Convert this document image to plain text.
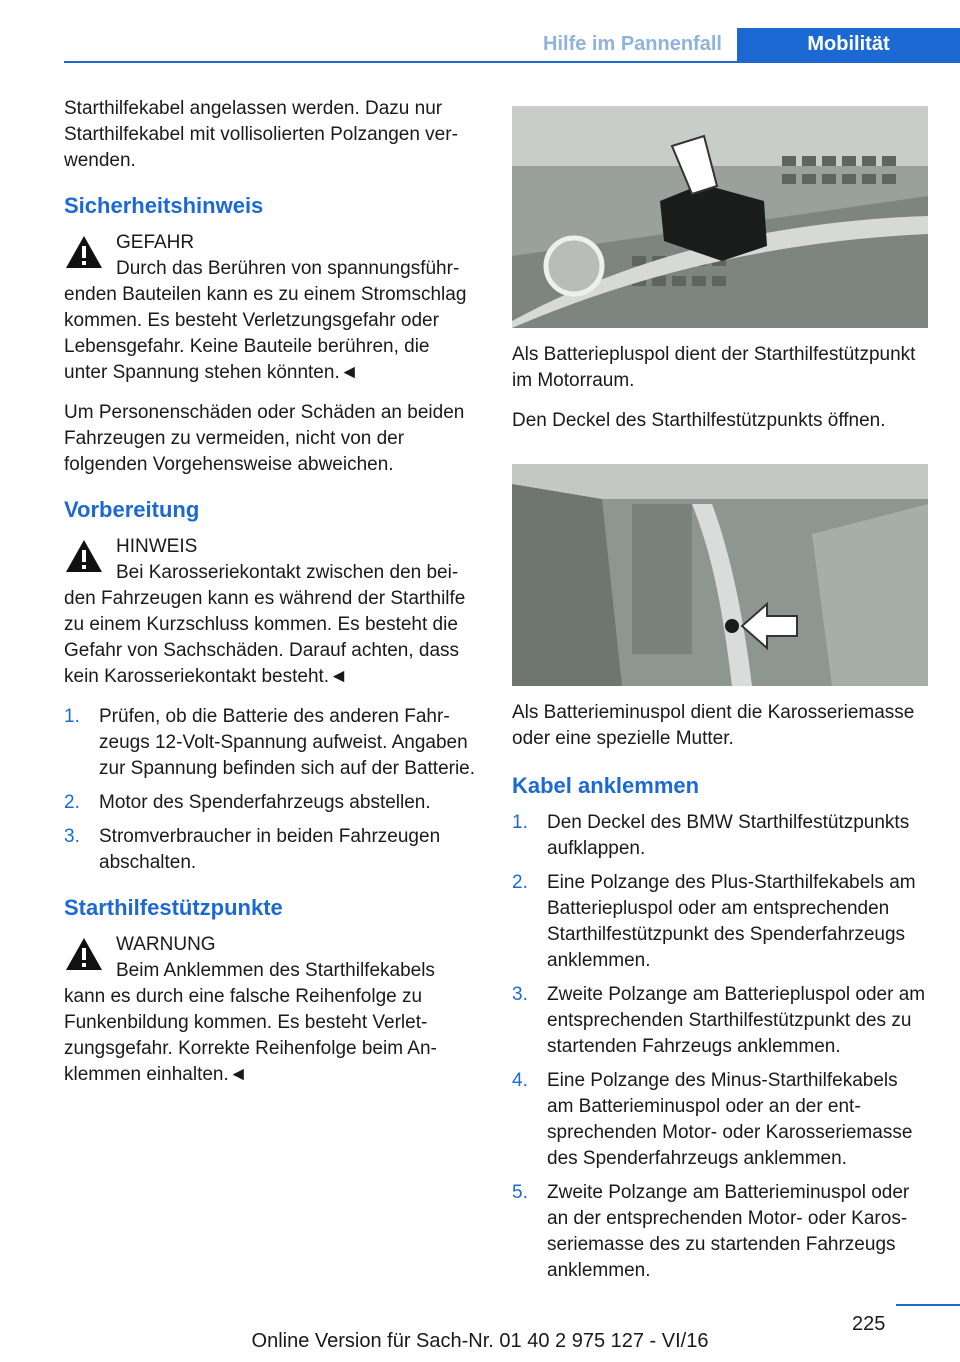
Hilfe im Pannenfall	Mobilität

Starthilfekabel angelassen werden. Dazu nur Starthilfekabel mit vollisolierten Polzangen verwenden.

Sicherheitshinweis
GEFAHR
Durch das Berühren von spannungsführenden Bauteilen kann es zu einem Stromschlag kommen. Es besteht Verletzungsgefahr oder Lebensgefahr. Keine Bauteile berühren, die unter Spannung stehen könnten.◄

Um Personenschäden oder Schäden an beiden Fahrzeugen zu vermeiden, nicht von der folgenden Vorgehensweise abweichen.

Vorbereitung
HINWEIS
Bei Karosseriekontakt zwischen den beiden Fahrzeugen kann es während der Starthilfe zu einem Kurzschluss kommen. Es besteht die Gefahr von Sachschäden. Darauf achten, dass kein Karosseriekontakt besteht.◄
1. Prüfen, ob die Batterie des anderen Fahrzeugs 12-Volt-Spannung aufweist. Angaben zur Spannung befinden sich auf der Batterie.
2. Motor des Spenderfahrzeugs abstellen.
3. Stromverbraucher in beiden Fahrzeugen abschalten.
Starthilfestützpunkte
WARNUNG
Beim Anklemmen des Starthilfekabels kann es durch eine falsche Reihenfolge zu Funkenbildung kommen. Es besteht Verletzungsgefahr. Korrekte Reihenfolge beim Anklemmen einhalten.◄

Als Batteriepluspol dient der Starthilfestützpunkt im Motorraum.

Den Deckel des Starthilfestützpunkts öffnen.

Als Batterieminuspol dient die Karosseriemasse oder eine spezielle Mutter.

Kabel anklemmen
1. Den Deckel des BMW Starthilfestützpunkts aufklappen.
2. Eine Polzange des Plus-Starthilfekabels am Batteriepluspol oder am entsprechenden Starthilfestützpunkt des Spenderfahrzeugs anklemmen.
3. Zweite Polzange am Batteriepluspol oder am entsprechenden Starthilfestützpunkt des zu startenden Fahrzeugs anklemmen.
4. Eine Polzange des Minus-Starthilfekabels am Batterieminuspol oder an der entsprechenden Motor- oder Karosseriemasse des Spenderfahrzeugs anklemmen.
5. Zweite Polzange am Batterieminuspol oder an der entsprechenden Motor- oder Karosseriemasse des zu startenden Fahrzeugs anklemmen.
225
Online Version für Sach-Nr. 01 40 2 975 127 - VI/16
